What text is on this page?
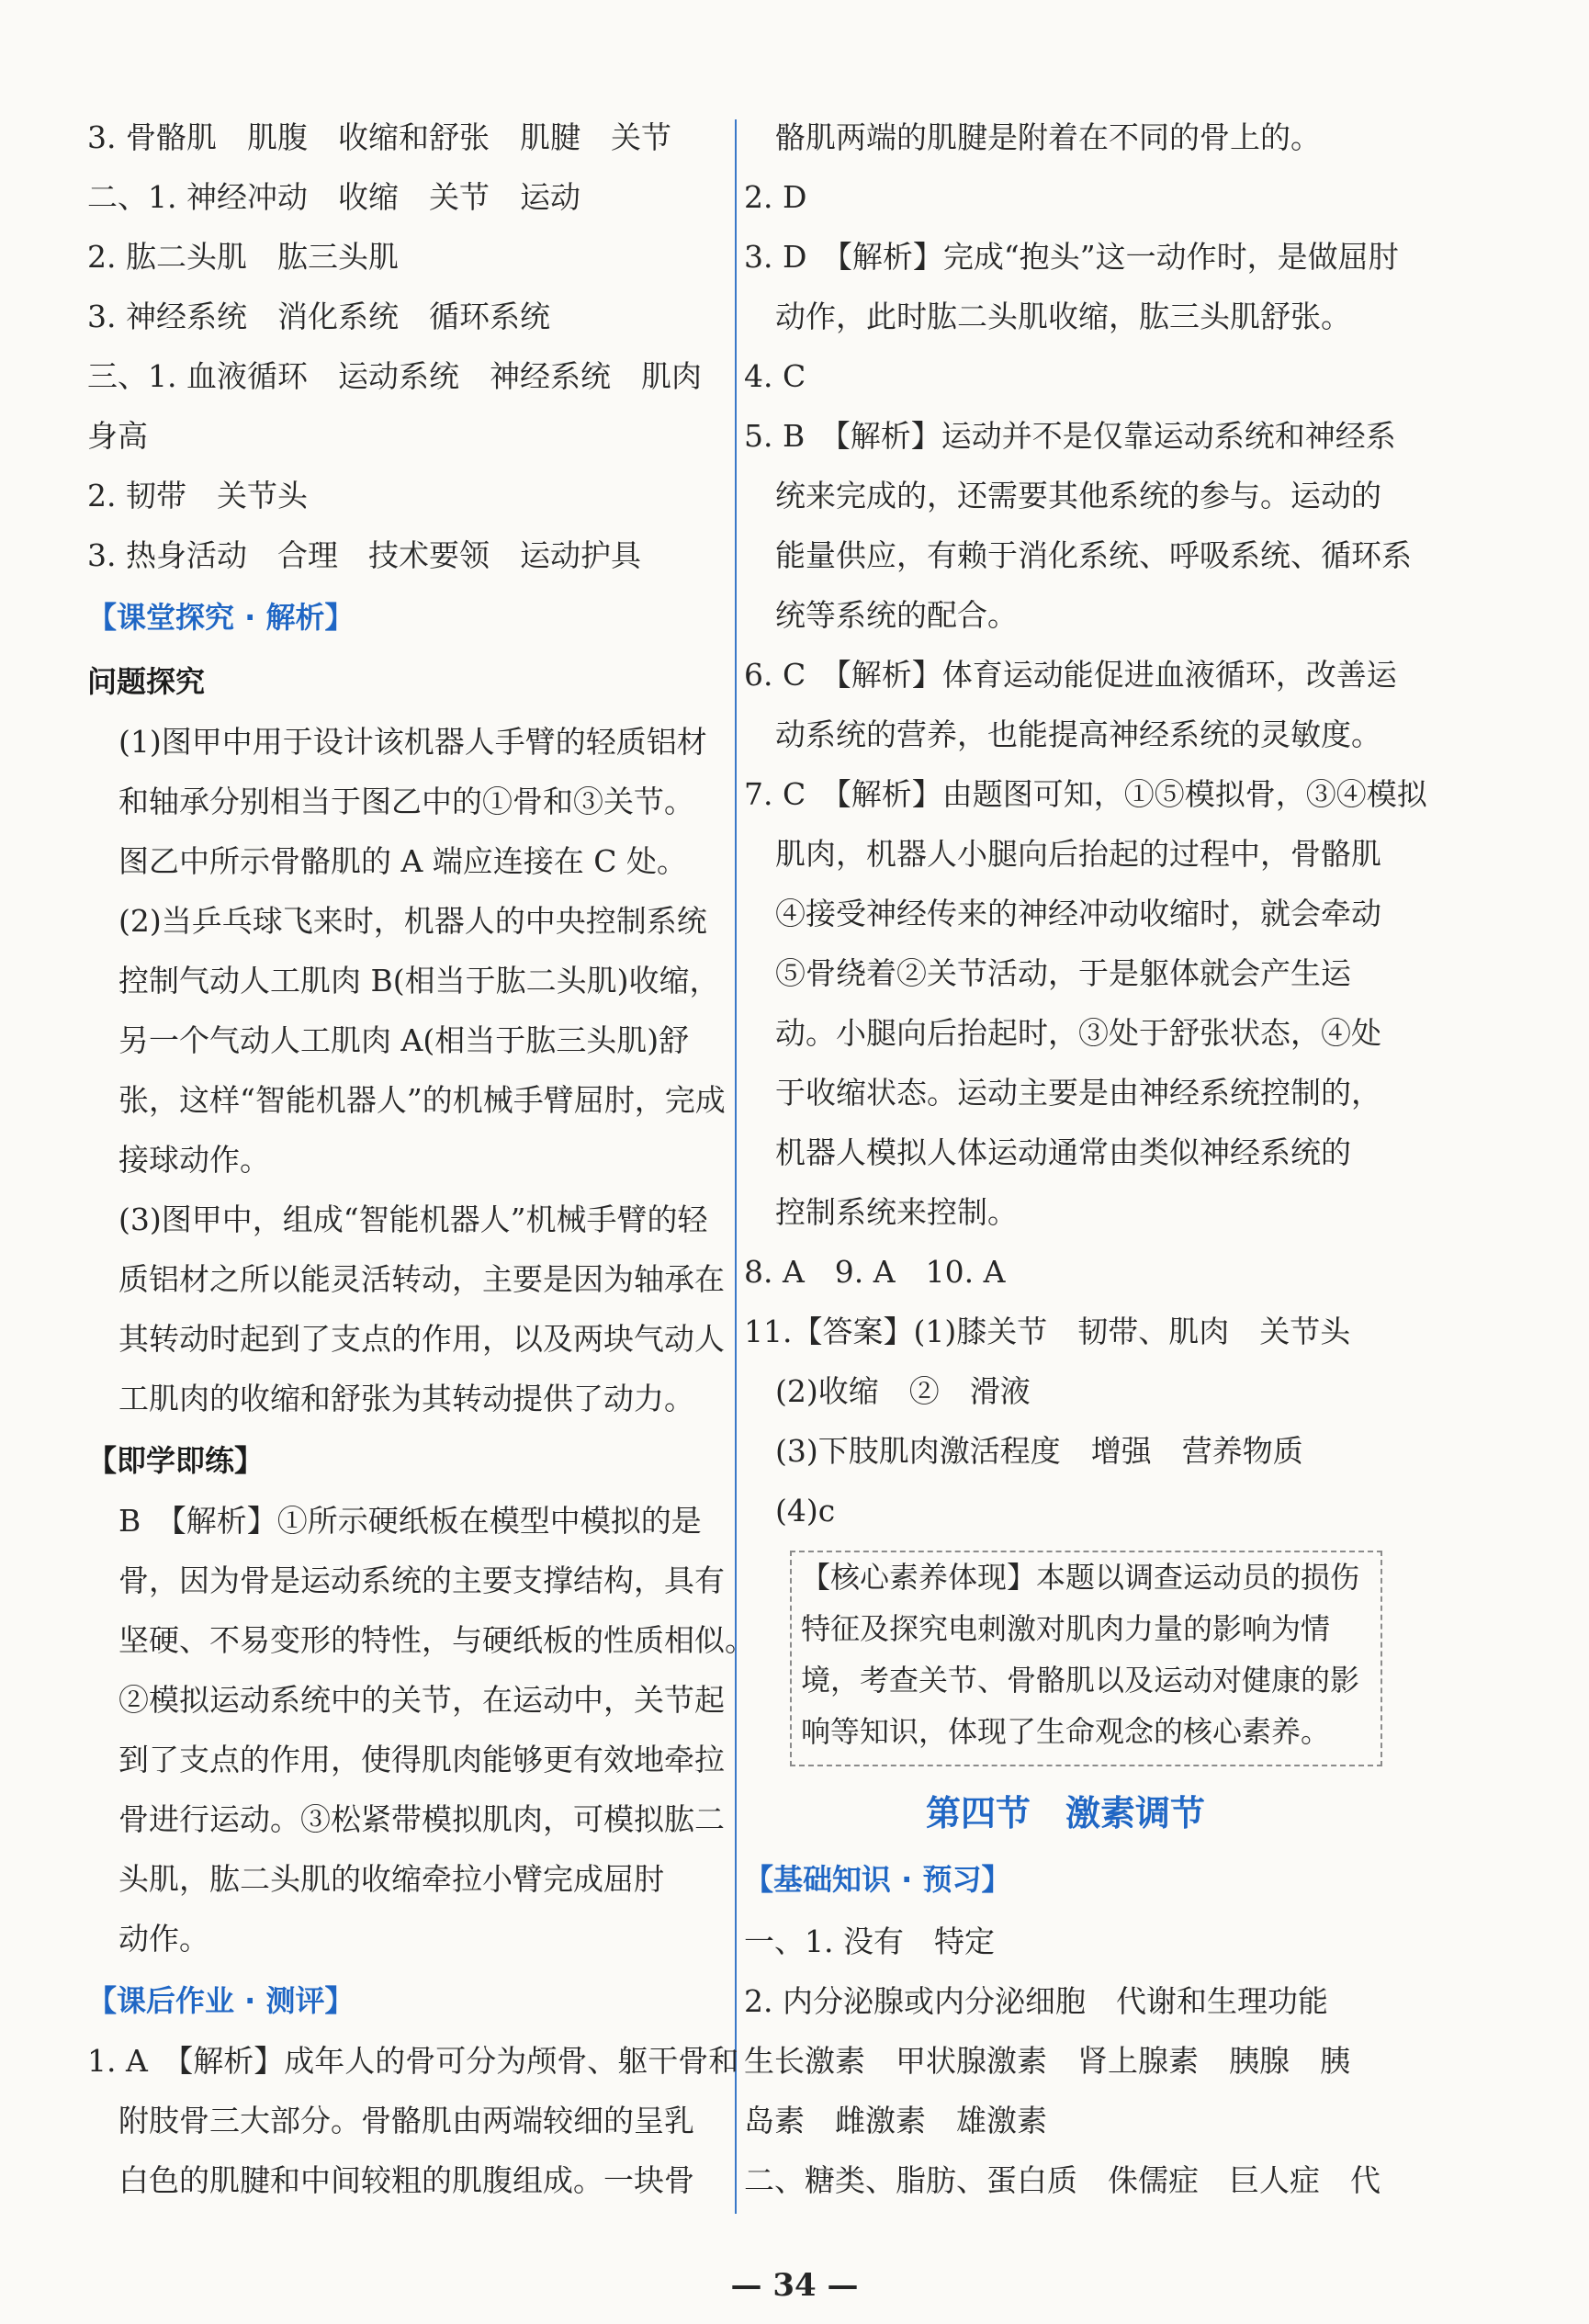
3. 骨骼肌　肌腹　收缩和舒张　肌腱　关节
二、1. 神经冲动　收缩　关节　运动
2. 肱二头肌　肱三头肌
3. 神经系统　消化系统　循环系统
三、1. 血液循环　运动系统　神经系统　肌肉
身高
2. 韧带　关节头
3. 热身活动　合理　技术要领　运动护具
【课堂探究 · 解析】
问题探究
(1)图甲中用于设计该机器人手臂的轻质铝材
和轴承分别相当于图乙中的①骨和③关节。
图乙中所示骨骼肌的 A 端应连接在 C 处。
(2)当乒乓球飞来时，机器人的中央控制系统
控制气动人工肌肉 B(相当于肱二头肌)收缩，
另一个气动人工肌肉 A(相当于肱三头肌)舒
张，这样“智能机器人”的机械手臂屈肘，完成
接球动作。
(3)图甲中，组成“智能机器人”机械手臂的轻
质铝材之所以能灵活转动，主要是因为轴承在
其转动时起到了支点的作用，以及两块气动人
工肌肉的收缩和舒张为其转动提供了动力。
【即学即练】
B　【解析】①所示硬纸板在模型中模拟的是
骨，因为骨是运动系统的主要支撑结构，具有
坚硬、不易变形的特性，与硬纸板的性质相似。
②模拟运动系统中的关节，在运动中，关节起
到了支点的作用，使得肌肉能够更有效地牵拉
骨进行运动。③松紧带模拟肌肉，可模拟肱二
头肌，肱二头肌的收缩牵拉小臂完成屈肘
动作。
【课后作业 · 测评】
1. A　【解析】成年人的骨可分为颅骨、躯干骨和
附肢骨三大部分。骨骼肌由两端较细的呈乳
白色的肌腱和中间较粗的肌腹组成。一块骨
骼肌两端的肌腱是附着在不同的骨上的。
2. D
3. D　【解析】完成“抱头”这一动作时，是做屈肘
动作，此时肱二头肌收缩，肱三头肌舒张。
4. C
5. B　【解析】运动并不是仅靠运动系统和神经系
统来完成的，还需要其他系统的参与。运动的
能量供应，有赖于消化系统、呼吸系统、循环系
统等系统的配合。
6. C　【解析】体育运动能促进血液循环，改善运
动系统的营养，也能提高神经系统的灵敏度。
7. C　【解析】由题图可知，①⑤模拟骨，③④模拟
肌肉，机器人小腿向后抬起的过程中，骨骼肌
④接受神经传来的神经冲动收缩时，就会牵动
⑤骨绕着②关节活动，于是躯体就会产生运
动。小腿向后抬起时，③处于舒张状态，④处
于收缩状态。运动主要是由神经系统控制的，
机器人模拟人体运动通常由类似神经系统的
控制系统来控制。
8. A　9. A　10. A
11.【答案】(1)膝关节　韧带、肌肉　关节头
(2)收缩　②　滑液
(3)下肢肌肉激活程度　增强　营养物质
(4)c
【核心素养体现】本题以调查运动员的损伤
特征及探究电刺激对肌肉力量的影响为情
境，考查关节、骨骼肌以及运动对健康的影
响等知识，体现了生命观念的核心素养。
第四节　激素调节
【基础知识 · 预习】
一、1. 没有　特定
2. 内分泌腺或内分泌细胞　代谢和生理功能
生长激素　甲状腺激素　肾上腺素　胰腺　胰
岛素　雌激素　雄激素
二、糖类、脂肪、蛋白质　侏儒症　巨人症　代
— 34 —
